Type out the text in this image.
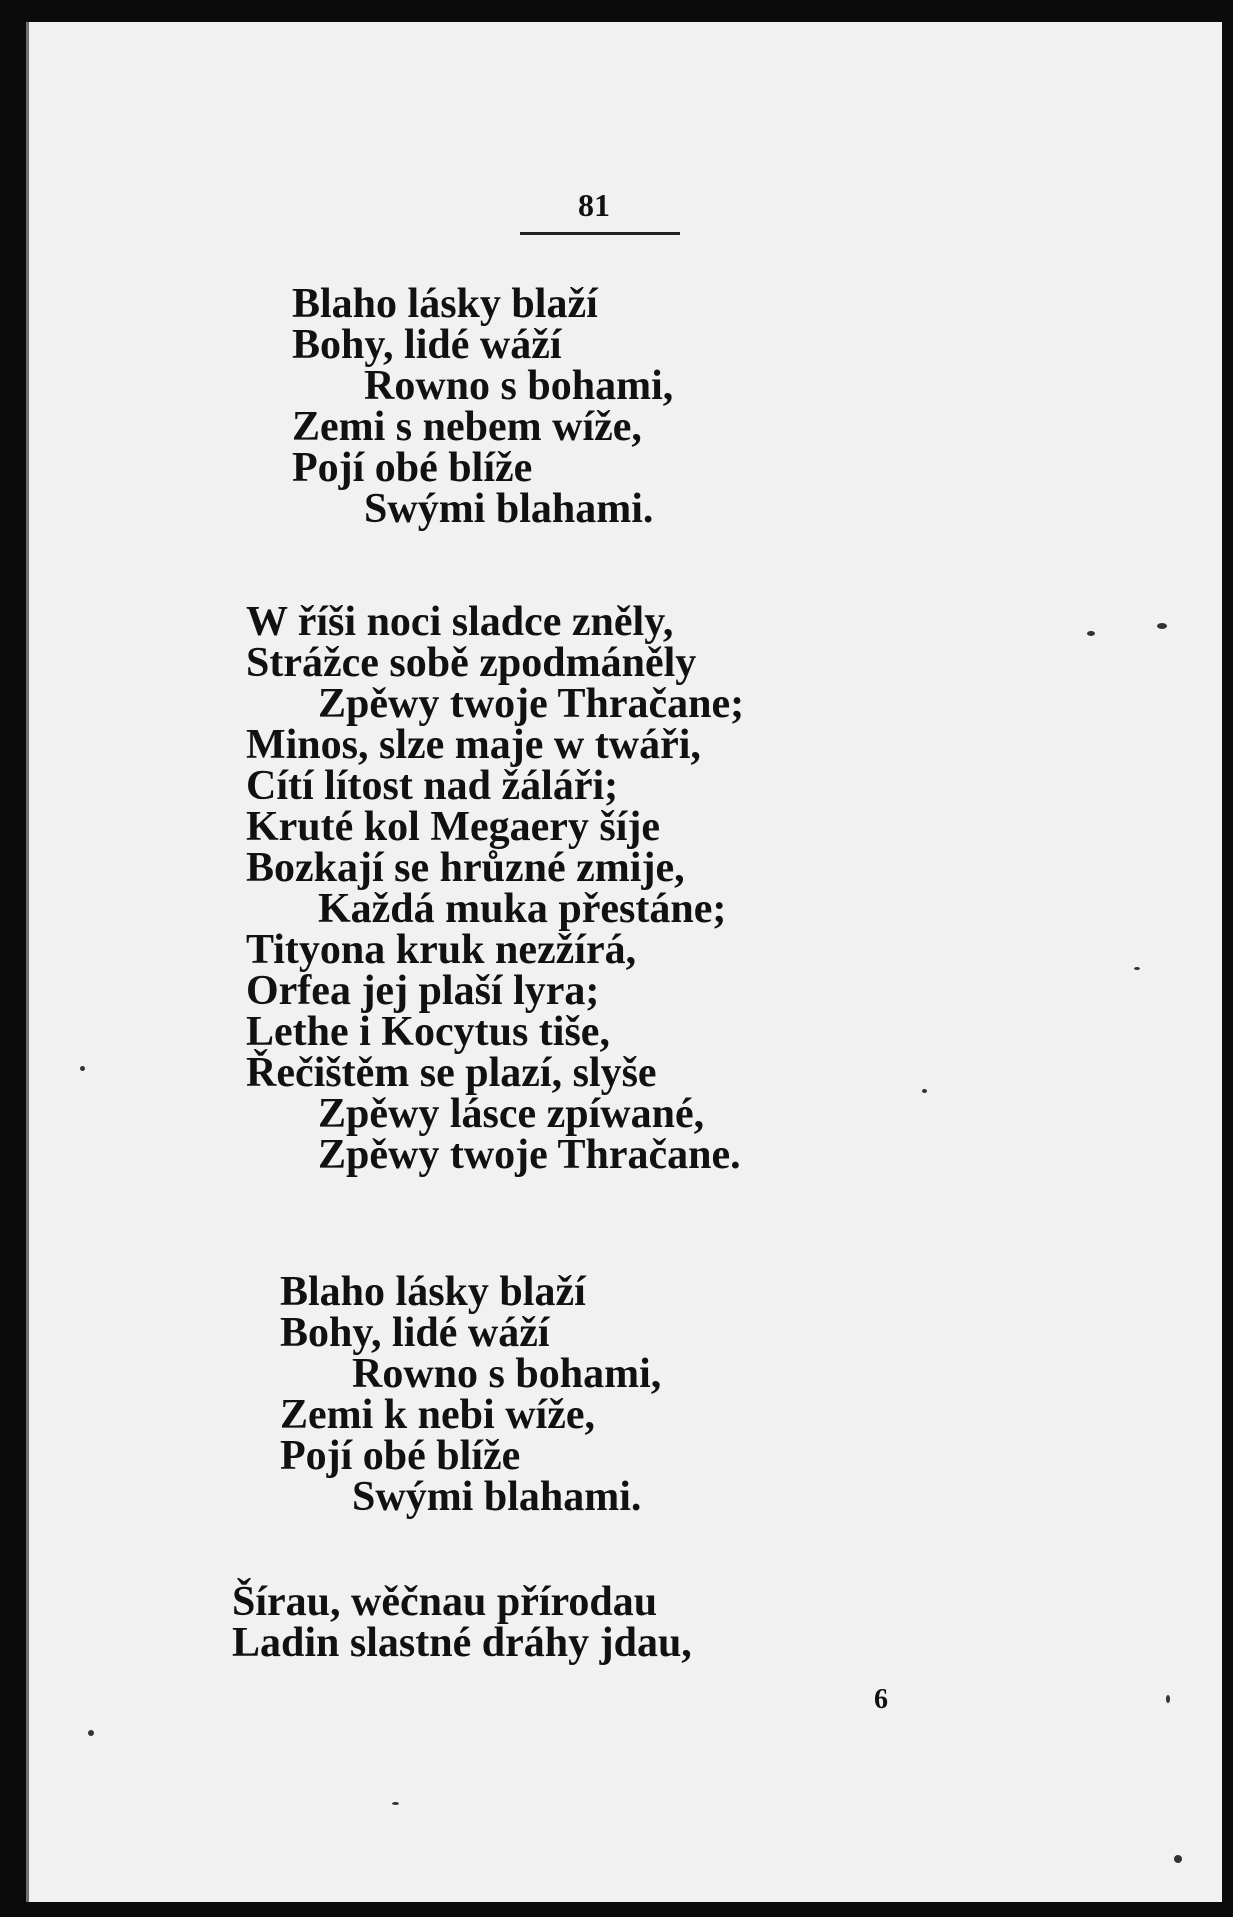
81
Blaho lásky blaží
Bohy, lidé wáží
Rowno s bohami,
Zemi s nebem wíže,
Pojí obé blíže
Swými blahami.
W říši noci sladce zněly,
Strážce sobě zpodmáněly
Zpěwy twoje Thračane;
Minos, slze maje w twáři,
Cítí lítost nad žáláři;
Kruté kol Megaery šíje
Bozkají se hrůzné zmije,
Každá muka přestáne;
Tityona kruk nezžírá,
Orfea jej plaší lyra;
Lethe i Kocytus tiše,
Řečištěm se plazí, slyše
Zpěwy lásce zpíwané,
Zpěwy twoje Thračane.
Blaho lásky blaží
Bohy, lidé wáží
Rowno s bohami,
Zemi k nebi wíže,
Pojí obé blíže
Swými blahami.
Šírau, wěčnau přírodau
Ladin slastné dráhy jdau,
6
